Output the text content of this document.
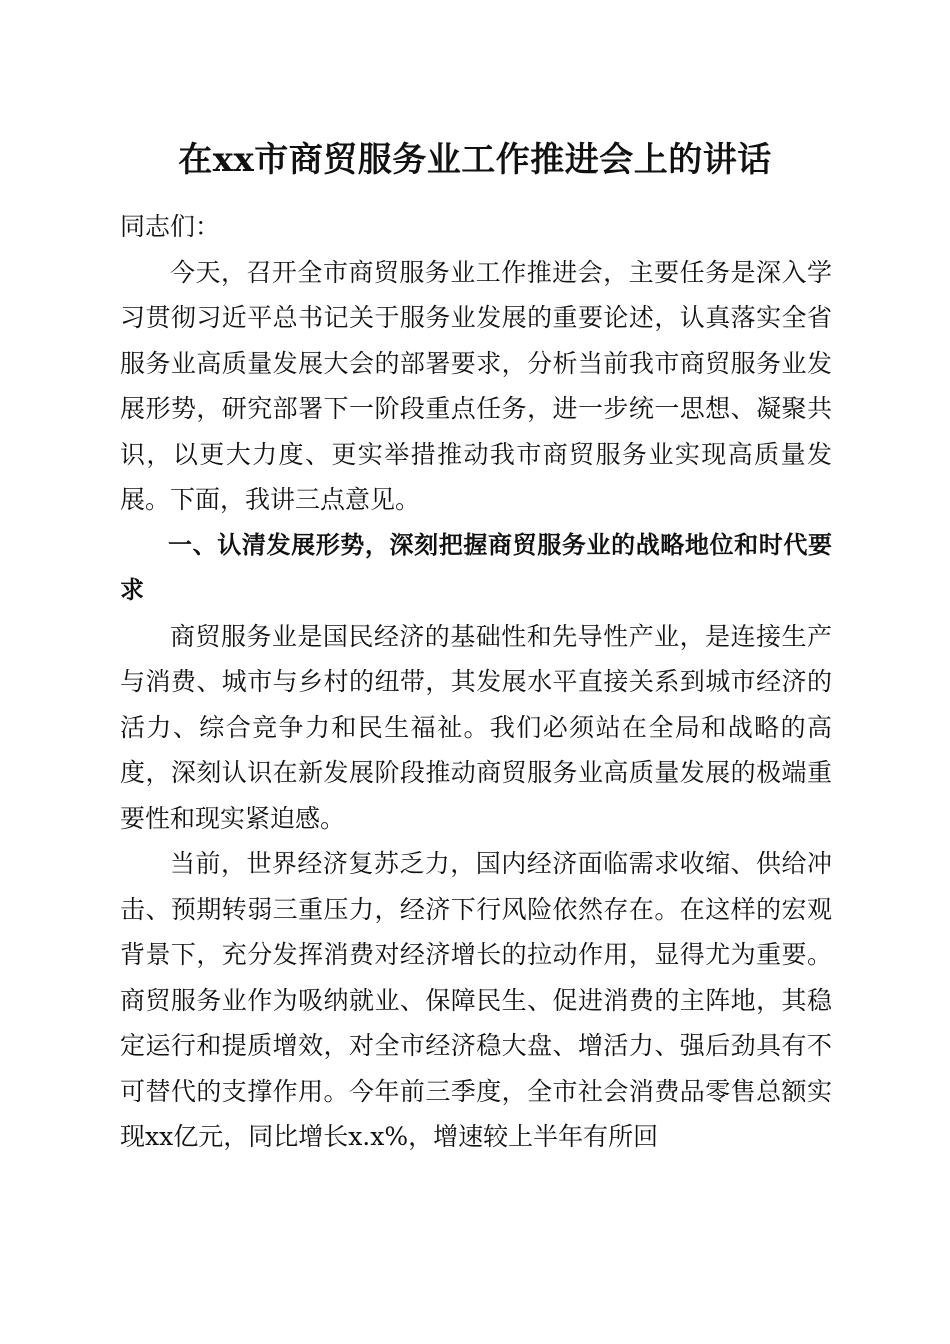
在xx市商贸服务业工作推进会上的讲话

同志们：

今天，召开全市商贸服务业工作推进会，主要任务是深入学习贯彻习近平总书记关于服务业发展的重要论述，认真落实全省服务业高质量发展大会的部署要求，分析当前我市商贸服务业发展形势，研究部署下一阶段重点任务，进一步统一思想、凝聚共识，以更大力度、更实举措推动我市商贸服务业实现高质量发展。下面，我讲三点意见。

一、认清发展形势，深刻把握商贸服务业的战略地位和时代要求

商贸服务业是国民经济的基础性和先导性产业，是连接生产与消费、城市与乡村的纽带，其发展水平直接关系到城市经济的活力、综合竞争力和民生福祉。我们必须站在全局和战略的高度，深刻认识在新发展阶段推动商贸服务业高质量发展的极端重要性和现实紧迫感。

当前，世界经济复苏乏力，国内经济面临需求收缩、供给冲击、预期转弱三重压力，经济下行风险依然存在。在这样的宏观背景下，充分发挥消费对经济增长的拉动作用，显得尤为重要。商贸服务业作为吸纳就业、保障民生、促进消费的主阵地，其稳定运行和提质增效，对全市经济稳大盘、增活力、强后劲具有不可替代的支撑作用。今年前三季度，全市社会消费品零售总额实现xx亿元，同比增长x.x%，增速较上半年有所回
